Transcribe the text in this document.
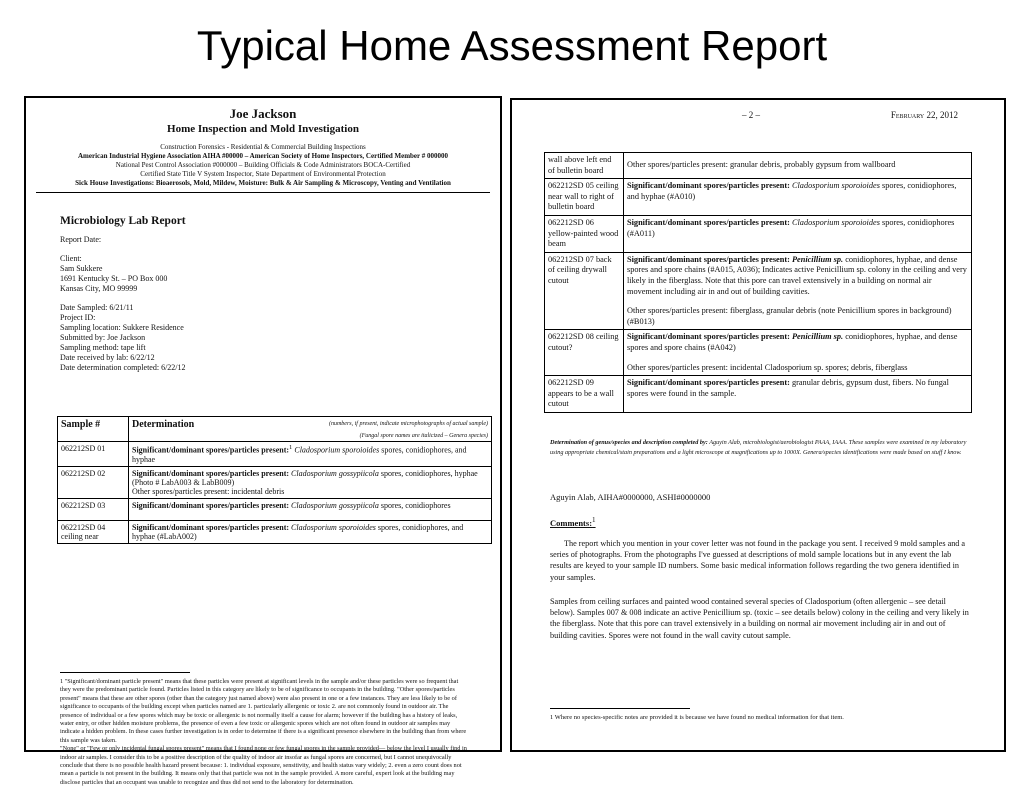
Typical Home Assessment Report
Joe Jackson
Home Inspection and Mold Investigation
Construction Forensics - Residential & Commercial Building Inspections
American Industrial Hygiene Association AIHA #00000 – American Society of Home Inspectors, Certified Member # 000000
National Pest Control Association #000000 – Building Officials & Code Administrators BOCA-Certified
Certified State Title V System Inspector, State Department of Environmental Protection
Sick House Investigations: Bioaerosols, Mold, Mildew, Moisture: Bulk & Air Sampling & Microscopy, Venting and Ventilation
Microbiology Lab Report
Report Date:
Client:
Sam Sukkere
1691 Kentucky St. – PO Box 000
Kansas City, MO 99999
Date Sampled: 6/21/11
Project ID:
Sampling location: Sukkere Residence
Submitted by: Joe Jackson
Sampling method: tape lift
Date received by lab: 6/22/12
Date determination completed: 6/22/12
Sample #	Determination (numbers, if present, indicate microphotographs of actual sample)
(Fungal spore names are italicized – Genera species)

062212SD 01	Significant/dominant spores/particles present:$^1$ Cladosporium sporoioides spores, conidiophores, and hyphae
062212SD 02	Significant/dominant spores/particles present: Cladosporium gossypiicola spores, conidiophores, hyphae (Photo # LabA003 & LabB009)
Other spores/particles present: incidental debris

062212SD 03	Significant/dominant spores/particles present: Cladosporium gossypiicola spores, conidiophores
062212SD 04
ceiling near	Significant/dominant spores/particles present: Cladosporium sporoioides spores, conidiophores, and hyphae (#LabA002)
1 "Significant/dominant particle present" means that these particles were present at significant levels in the sample and/or these particles were so frequent that they were the predominant particle found. Particles listed in this category are likely to be of significance to occupants in the building. "Other spores/particles present" means that these are other spores (other than the category just named above) were also present in one or a few instances. They are less likely to be of significance to occupants of the building except when particles named are 1. particularly allergenic or toxic 2. are not commonly found in outdoor air. The presence of individual or a few spores which may be toxic or allergenic is not normally itself a cause for alarm; however if the building has a history of leaks, water entry, or other hidden moisture problems, the presence of even a few toxic or allergenic spores which are not often found in outdoor air samples may indicate a hidden problem. In these cases further investigation is in order to determine if there is a significant presence elsewhere in the building than from where this sample was taken.
"None" or "Few or only incidental fungal spores present" means that I found none or few fungal spores in the sample provided— below the level I usually find in indoor air samples. I consider this to be a positive description of the quality of indoor air insofar as fungal spores are concerned, but I cannot unequivocally conclude that there is no possible health hazard present because: 1. individual exposure, sensitivity, and health status vary widely; 2. even a zero count does not mean a particle is not present in the building. It means only that that particle was not in the sample provided. A more careful, expert look at the building may disclose particles that an occupant was unable to recognize and thus did not send to the laboratory for determination.
– 2 –	February 22, 2012
wall above left end of bulletin board	Other spores/particles present: granular debris, probably gypsum from wallboard
062212SD 05 ceiling near wall to right of bulletin board	Significant/dominant spores/particles present: Cladosporium sporoioides spores, conidiophores, and hyphae (#A010)
062212SD 06 yellow-painted wood beam	Significant/dominant spores/particles present: Cladosporium sporoioides spores, conidiophores (#A011)
062212SD 07 back of ceiling drywall cutout	Significant/dominant spores/particles present: Penicillium sp. conidiophores, hyphae, and dense spores and spore chains (#A015, A036); Indicates active Penicillium sp. colony in the ceiling and very likely in the fiberglass. Note that this pore can travel extensively in a building on normal air movement including air in and out of building cavities.
Other spores/particles present: fiberglass, granular debris (note Penicillium spores in background) (#B013)

062212SD 08 ceiling cutout?	Significant/dominant spores/particles present: Penicillium sp. conidiophores, hyphae, and dense spores and spore chains (#A042)
Other spores/particles present: incidental Cladosporium sp. spores; debris, fiberglass

062212SD 09 appears to be a wall cutout	Significant/dominant spores/particles present: granular debris, gypsum dust, fibers. No fungal spores were found in the sample.
Determination of genus/species and description completed by: Aguyin Alab, microbiologist/aerobiologist PAAA, IAAA. These samples were examined in my laboratory using appropriate chemical/stain preparations and a light microscope at magnifications up to 1000X. Genera/species identifications were made based on stuff I know.
Aguyin Alab, AIHA#0000000, ASHI#0000000
Comments:$^1$
The report which you mention in your cover letter was not found in the package you sent. I received 9 mold samples and a series of photographs. From the photographs I've guessed at descriptions of mold sample locations but in any event the lab results are keyed to your sample ID numbers. Some basic medical information follows regarding the two genera identified in your samples.
Samples from ceiling surfaces and painted wood contained several species of Cladosporium (often allergenic – see detail below). Samples 007 & 008 indicate an active Penicillium sp. (toxic – see details below) colony in the ceiling and very likely in the fiberglass. Note that this pore can travel extensively in a building on normal air movement including air in and out of building cavities. Spores were not found in the wall cavity cutout sample.
1 Where no species-specific notes are provided it is because we have found no medical information for that item.
